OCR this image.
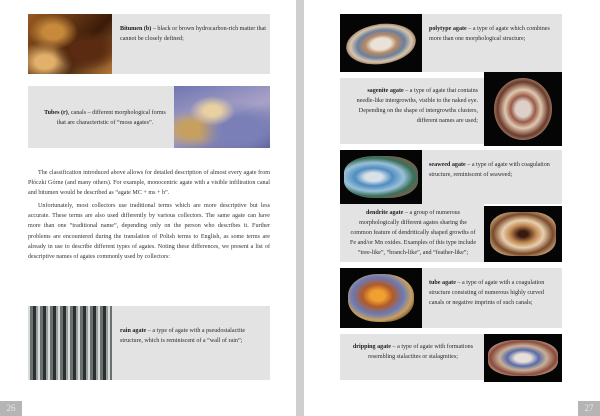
Bitumen (b) – black or brown hydrocarbon-rich matter that cannot be closely defined;
Tubes (r), canals – different morphological forms that are characteristic of “moss agates”.

The classification introduced above allows for detailed description of almost every agate from Płóczki Górne (and many others). For example, monocentric agate with a visible infiltration canal and bitumen would be described as “agate MC + ms + b”.

Unfortunately, most collectors use traditional terms which are more descriptive but less accurate. These terms are also used differently by various collectors. The same agate can have more than one “traditional name”, depending only on the person who describes it. Further problems are encountered during the translation of Polish terms to English, as some terms are already in use to describe different types of agates. Noting these differences, we present a list of descriptive names of agates commonly used by collectors:

rain agate – a type of agate with a pseudostalactite structure, which is reminiscent of a “wall of rain”;
26
polytype agate – a type of agate which combines more than one morphological structure;
sagenite agate – a type of agate that contains needle-like intergrowths, visible to the naked eye. Depending on the shape of intergrowths clusters, different names are used;
seaweed agate – a type of agate with coagulation structure, reminiscent of seaweed;
dendrite agate – a group of numerous morphologically different agates sharing the common feature of dendritically shaped growths of Fe and/or Mn oxides. Examples of this type include “tree-like”, “branch-like”, and “feather-like”;
tube agate – a type of agate with a coagulation structure consisting of numerous highly curved canals or negative imprints of such canals;
dripping agate – a type of agate with formations resembling stalactites or stalagmites;
27
